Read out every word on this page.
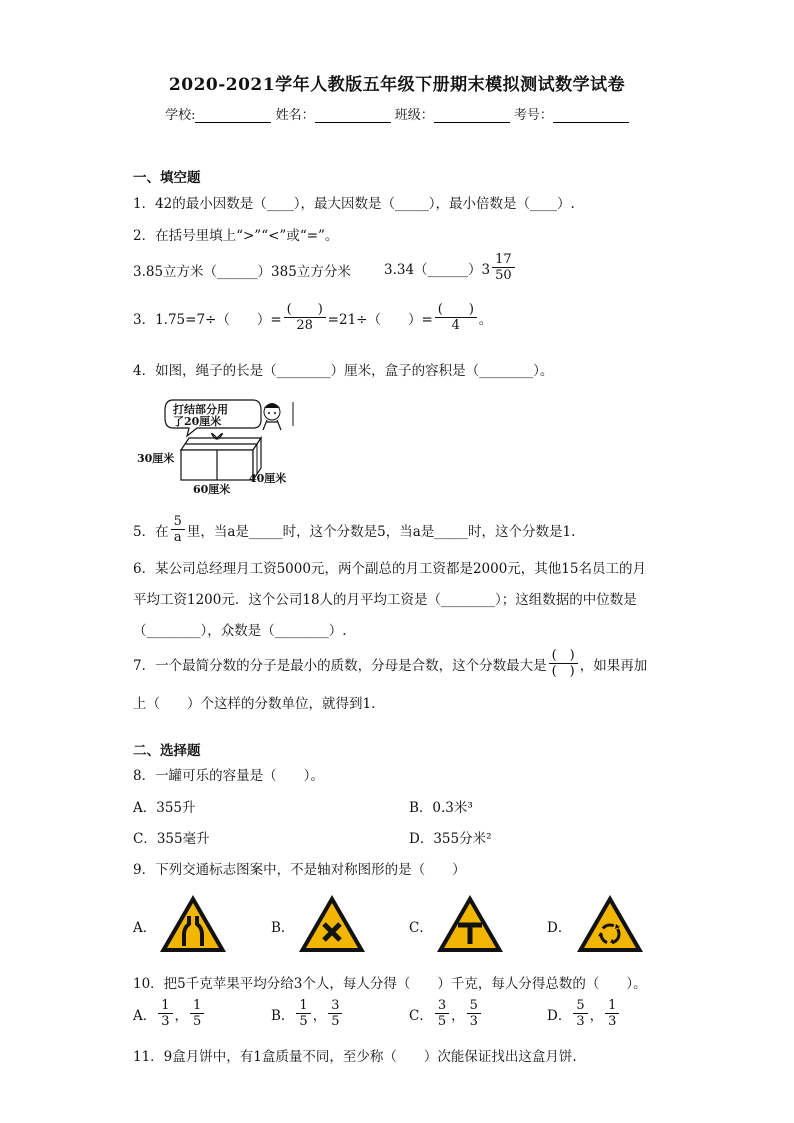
2020-2021学年人教版五年级下册期末模拟测试数学试卷
学校:	姓名：	班级：	考号：
一、填空题
1．42的最小因数是（____），最大因数是（_____），最小倍数是（____）.
2．在括号里填上“>”“<”或“=”。
3.85立方米（______）385立方分米 3.34（______）3 $\frac{17}{50}$
3．1.75=7÷（　　）= $\frac{( )}{28} =21\div$（　　）= $\frac{( )}{4}$ 。
4．如图，绳子的长是（________）厘米，盒子的容积是（________）。
打结部分用
了20厘米
30厘米
60厘米
40厘米
5．在 $\frac{5}{a}$ 里，当a是_____时，这个分数是5，当a是_____时，这个分数是1.
6．某公司总经理月工资5000元，两个副总的月工资都是2000元，其他15名员工的月
平均工资1200元．这个公司18人的月平均工资是（________）；这组数据的中位数是
（________），众数是（________）.
7．一个最简分数的分子是最小的质数，分母是合数，这个分数最大是 $\frac{( )}{( )}$ ，如果再加
上（　　）个这样的分数单位，就得到1.
二、选择题
8．一罐可乐的容量是（　　）。
A．355升	B．0.3米³
C．355毫升	D．355分米²
9．下列交通标志图案中，不是轴对称图形的是（　　）
A．	B．	C．	D．
10．把5千克苹果平均分给3个人，每人分得（　　）千克，每人分得总数的（　　）。
A． $\frac{1}{3}$ ， $\frac{1}{5}$	B． $\frac{1}{5}$ ， $\frac{3}{5}$	C． $\frac{3}{5}$ ， $\frac{5}{3}$	D． $\frac{5}{3}$ ， $\frac{1}{3}$
11．9盒月饼中，有1盒质量不同，至少称（　　）次能保证找出这盒月饼.
